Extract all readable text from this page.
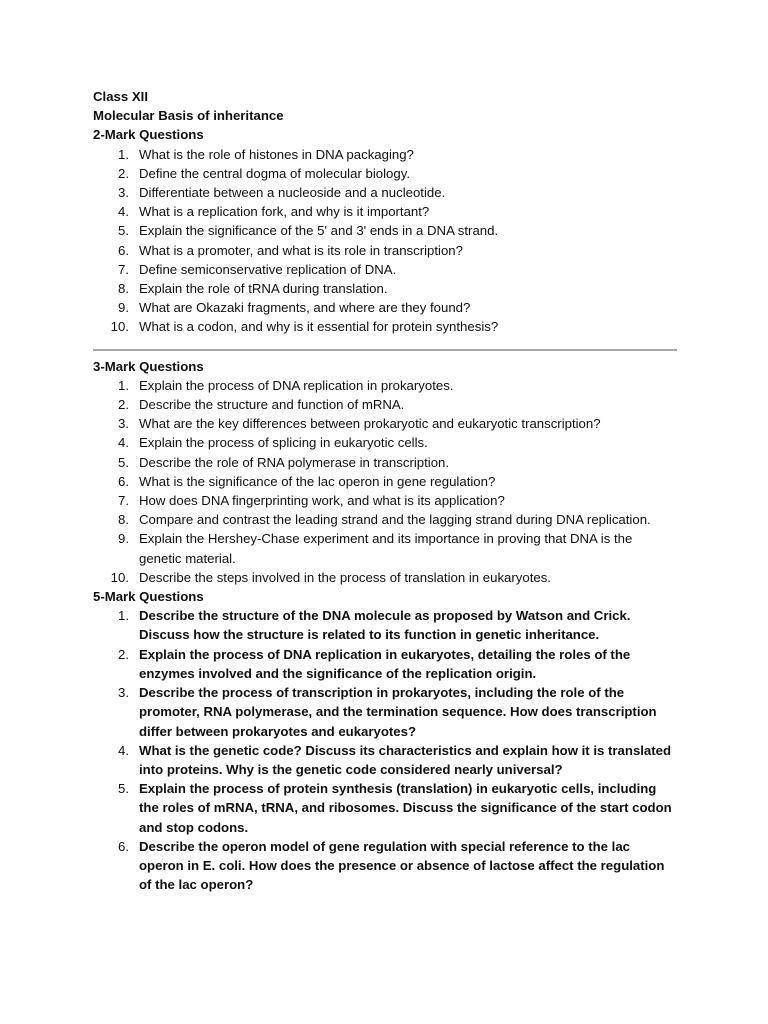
Class XII
Molecular Basis of inheritance
2-Mark Questions
1. What is the role of histones in DNA packaging?
2. Define the central dogma of molecular biology.
3. Differentiate between a nucleoside and a nucleotide.
4. What is a replication fork, and why is it important?
5. Explain the significance of the 5' and 3' ends in a DNA strand.
6. What is a promoter, and what is its role in transcription?
7. Define semiconservative replication of DNA.
8. Explain the role of tRNA during translation.
9. What are Okazaki fragments, and where are they found?
10. What is a codon, and why is it essential for protein synthesis?
3-Mark Questions
1. Explain the process of DNA replication in prokaryotes.
2. Describe the structure and function of mRNA.
3. What are the key differences between prokaryotic and eukaryotic transcription?
4. Explain the process of splicing in eukaryotic cells.
5. Describe the role of RNA polymerase in transcription.
6. What is the significance of the lac operon in gene regulation?
7. How does DNA fingerprinting work, and what is its application?
8. Compare and contrast the leading strand and the lagging strand during DNA replication.
9. Explain the Hershey-Chase experiment and its importance in proving that DNA is the genetic material.
10. Describe the steps involved in the process of translation in eukaryotes.
5-Mark Questions
1. Describe the structure of the DNA molecule as proposed by Watson and Crick. Discuss how the structure is related to its function in genetic inheritance.
2. Explain the process of DNA replication in eukaryotes, detailing the roles of the enzymes involved and the significance of the replication origin.
3. Describe the process of transcription in prokaryotes, including the role of the promoter, RNA polymerase, and the termination sequence. How does transcription differ between prokaryotes and eukaryotes?
4. What is the genetic code? Discuss its characteristics and explain how it is translated into proteins. Why is the genetic code considered nearly universal?
5. Explain the process of protein synthesis (translation) in eukaryotic cells, including the roles of mRNA, tRNA, and ribosomes. Discuss the significance of the start codon and stop codons.
6. Describe the operon model of gene regulation with special reference to the lac operon in E. coli. How does the presence or absence of lactose affect the regulation of the lac operon?
